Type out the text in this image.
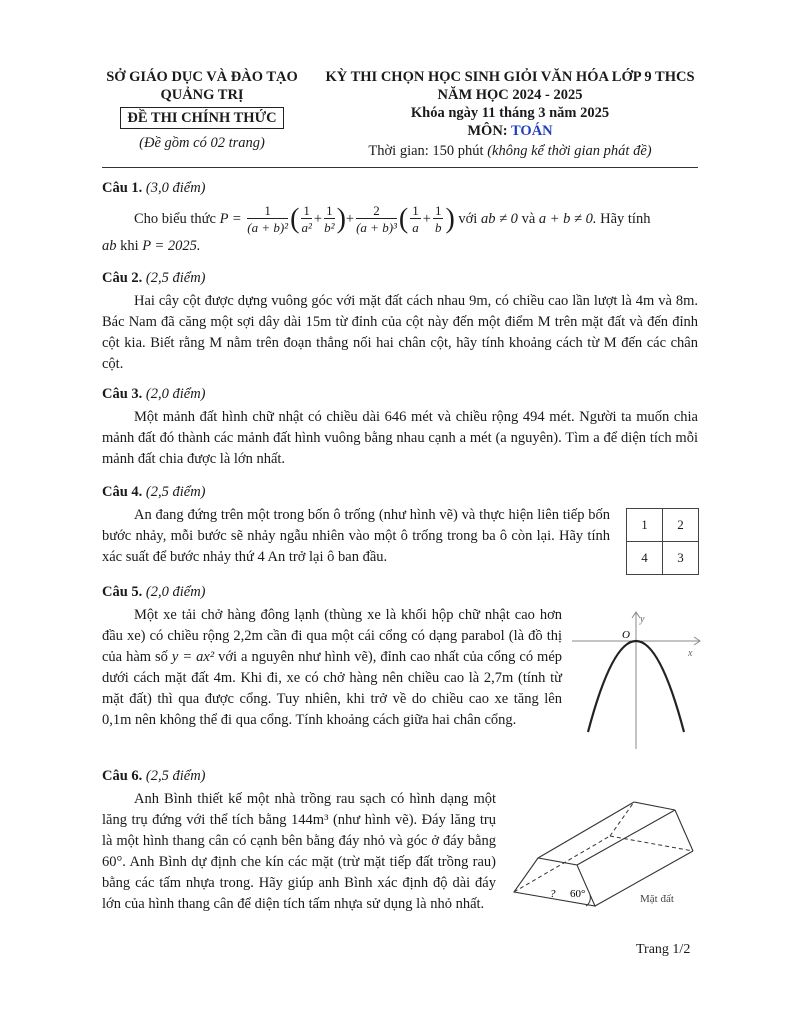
SỞ GIÁO DỤC VÀ ĐÀO TẠO
QUẢNG TRỊ
ĐỀ THI CHÍNH THỨC
(Đề gồm có 02 trang)
KỲ THI CHỌN HỌC SINH GIỎI VĂN HÓA LỚP 9 THCS
NĂM HỌC 2024 - 2025
Khóa ngày 11 tháng 3 năm 2025
MÔN: TOÁN
Thời gian: 150 phút (không kể thời gian phát đề)
Câu 1. (3,0 điểm)
Cho biểu thức $P = \frac{1}{\text{(a + b)²}}$ ( $\frac{1}{\text{a²}} + \frac{1}{\text{b²}}$ )+ $\frac{2}{\text{(a + b)³}}$ ( $\frac{1}{a} + \frac{1}{b}$ ) với ab ≠ 0 và a + b ≠ 0. Hãy tính
ab khi P = 2025.
Câu 2. (2,5 điểm)
Hai cây cột được dựng vuông góc với mặt đất cách nhau 9m, có chiều cao lần lượt là 4m và 8m. Bác Nam đã căng một sợi dây dài 15m từ đỉnh của cột này đến một điểm M trên mặt đất và đến đỉnh cột kia. Biết rằng M nằm trên đoạn thẳng nối hai chân cột, hãy tính khoảng cách từ M đến các chân cột.
Câu 3. (2,0 điểm)
Một mảnh đất hình chữ nhật có chiều dài 646 mét và chiều rộng 494 mét. Người ta muốn chia mảnh đất đó thành các mảnh đất hình vuông bằng nhau cạnh a mét (a nguyên). Tìm a để diện tích mỗi mảnh đất chia được là lớn nhất.
Câu 4. (2,5 điểm)
An đang đứng trên một trong bốn ô trống (như hình vẽ) và thực hiện liên tiếp bốn bước nhảy, mỗi bước sẽ nhảy ngẫu nhiên vào một ô trống trong ba ô còn lại. Hãy tính xác suất để bước nhảy thứ 4 An trở lại ô ban đầu.
1	2
4	3
Câu 5. (2,0 điểm)
Một xe tải chở hàng đông lạnh (thùng xe là khối hộp chữ nhật cao hơn đầu xe) có chiều rộng 2,2m cần đi qua một cái cổng có dạng parabol (là đồ thị của hàm số y = ax² với a nguyên như hình vẽ), đỉnh cao nhất của cổng có mép dưới cách mặt đất 4m. Khi đi, xe có chở hàng nên chiều cao là 2,7m (tính từ mặt đất) thì qua được cổng. Tuy nhiên, khi trở về do chiều cao xe tăng lên 0,1m nên không thể đi qua cổng. Tính khoảng cách giữa hai chân cổng.
O
x
y
Câu 6. (2,5 điểm)
Anh Bình thiết kế một nhà trồng rau sạch có hình dạng một lăng trụ đứng với thể tích bằng 144m³ (như hình vẽ). Đáy lăng trụ là một hình thang cân có cạnh bên bằng đáy nhỏ và góc ở đáy bằng 60°. Anh Bình dự định che kín các mặt (trừ mặt tiếp đất trồng rau) bằng các tấm nhựa trong. Hãy giúp anh Bình xác định độ dài đáy lớn của hình thang cân để diện tích tấm nhựa sử dụng là nhỏ nhất.
? 60°	Mặt đất
Trang 1/2
